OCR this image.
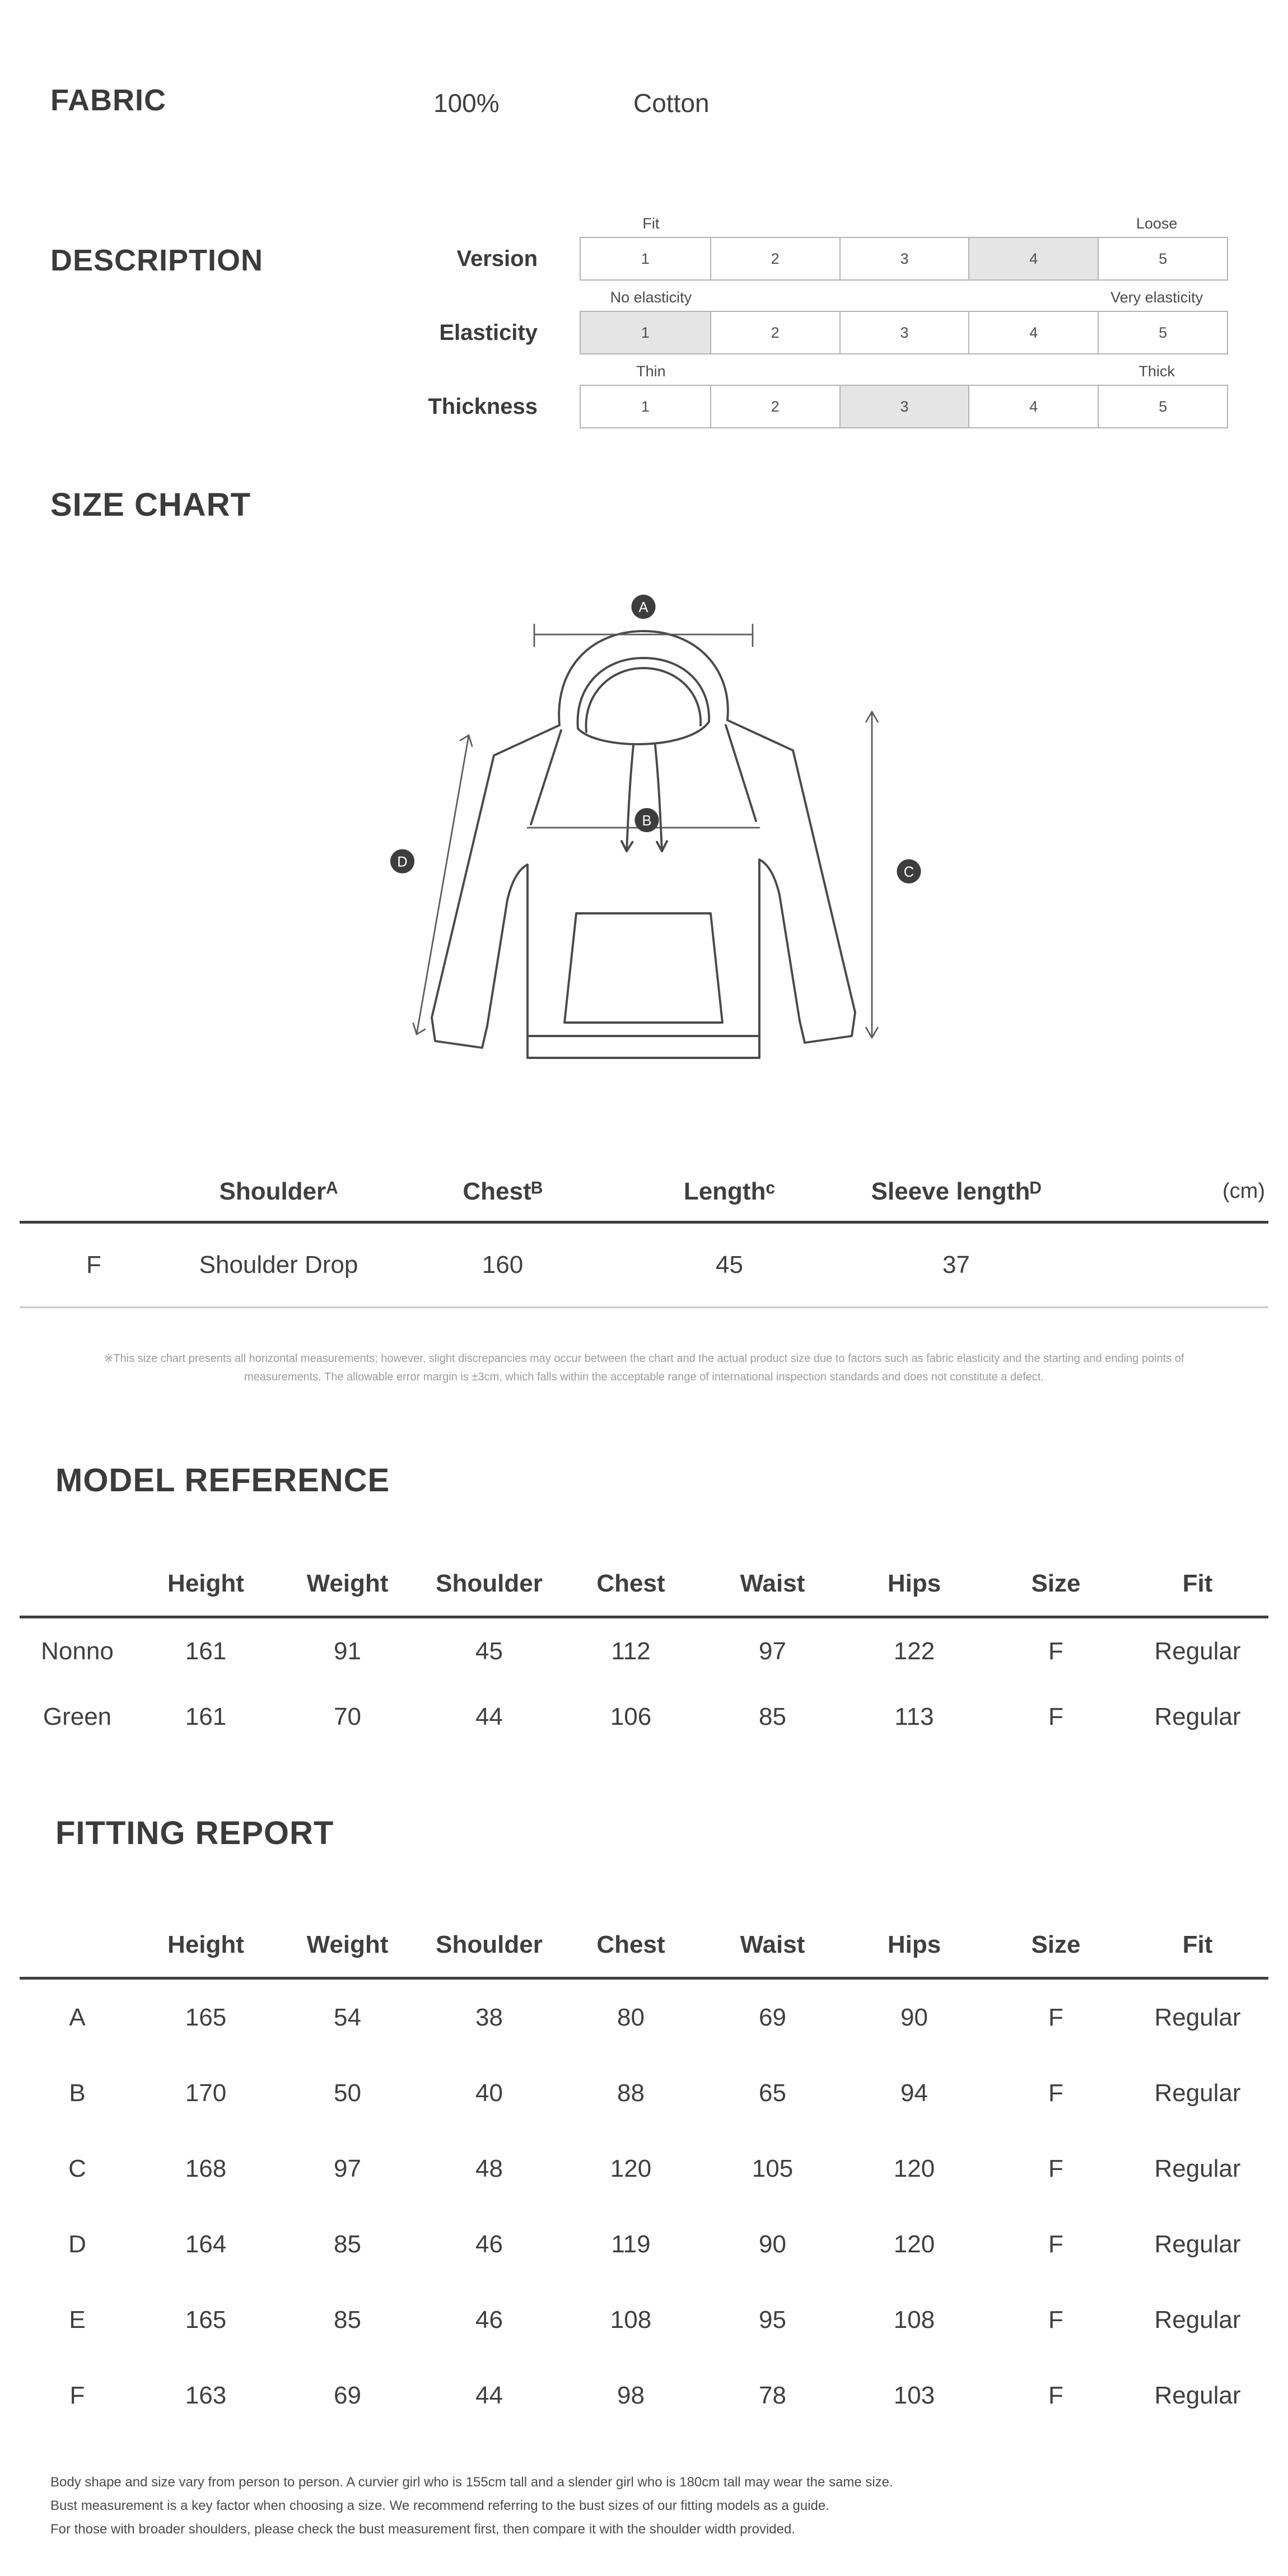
FABRIC	100%	Cotton
DESCRIPTION	Version
Fit	Loose
1	2	3	4	5
Elasticity
No elasticity	Very elasticity
1	2	3	4	5
Thickness
Thin	Thick
1	2	3	4	5
SIZE CHART
A
B
C
D
	Shoulderᴬ	Chestᴮ	Lengthᶜ	Sleeve lengthᴰ	(cm)
F	Shoulder Drop	160	45	37	

※This size chart presents all horizontal measurements; however, slight discrepancies may occur between the chart and the actual product size due to factors such as fabric elasticity and the starting and ending points of measurements. The allowable error margin is ±3cm, which falls within the acceptable range of international inspection standards and does not constitute a defect.

MODEL REFERENCE
	Height	Weight	Shoulder	Chest	Waist	Hips	Size	Fit
Nonno	161	91	45	112	97	122	F	Regular
Green	161	70	44	106	85	113	F	Regular
FITTING REPORT
	Height	Weight	Shoulder	Chest	Waist	Hips	Size	Fit
A	165	54	38	80	69	90	F	Regular
B	170	50	40	88	65	94	F	Regular
C	168	97	48	120	105	120	F	Regular
D	164	85	46	119	90	120	F	Regular
E	165	85	46	108	95	108	F	Regular
F	163	69	44	98	78	103	F	Regular

Body shape and size vary from person to person. A curvier girl who is 155cm tall and a slender girl who is 180cm tall may wear the same size.

Bust measurement is a key factor when choosing a size. We recommend referring to the bust sizes of our fitting models as a guide.

For those with broader shoulders, please check the bust measurement first, then compare it with the shoulder width provided.
